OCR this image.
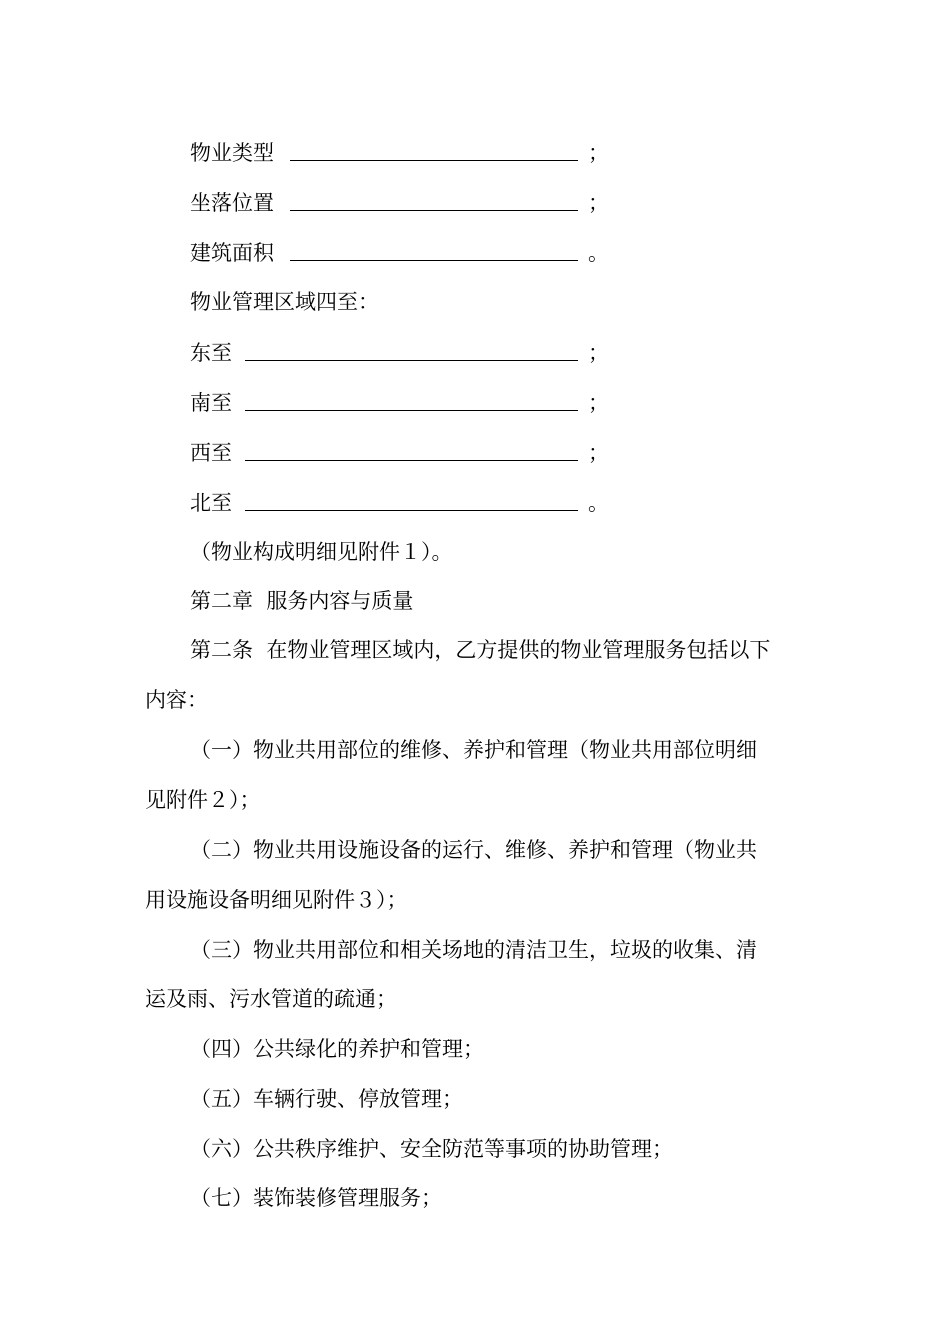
物业类型	；
坐落位置	；
建筑面积	。
物业管理区域四至：
东至	；
南至	；
西至	；
北至	。
（物业构成明细见附件１）。
第二章  服务内容与质量
第二条  在物业管理区域内，乙方提供的物业管理服务包括以下
内容：
（一）物业共用部位的维修、养护和管理（物业共用部位明细
见附件２）；
（二）物业共用设施设备的运行、维修、养护和管理（物业共
用设施设备明细见附件３）；
（三）物业共用部位和相关场地的清洁卫生，垃圾的收集、清
运及雨、污水管道的疏通；
（四）公共绿化的养护和管理；
（五）车辆行驶、停放管理；
（六）公共秩序维护、安全防范等事项的协助管理；
（七）装饰装修管理服务；
